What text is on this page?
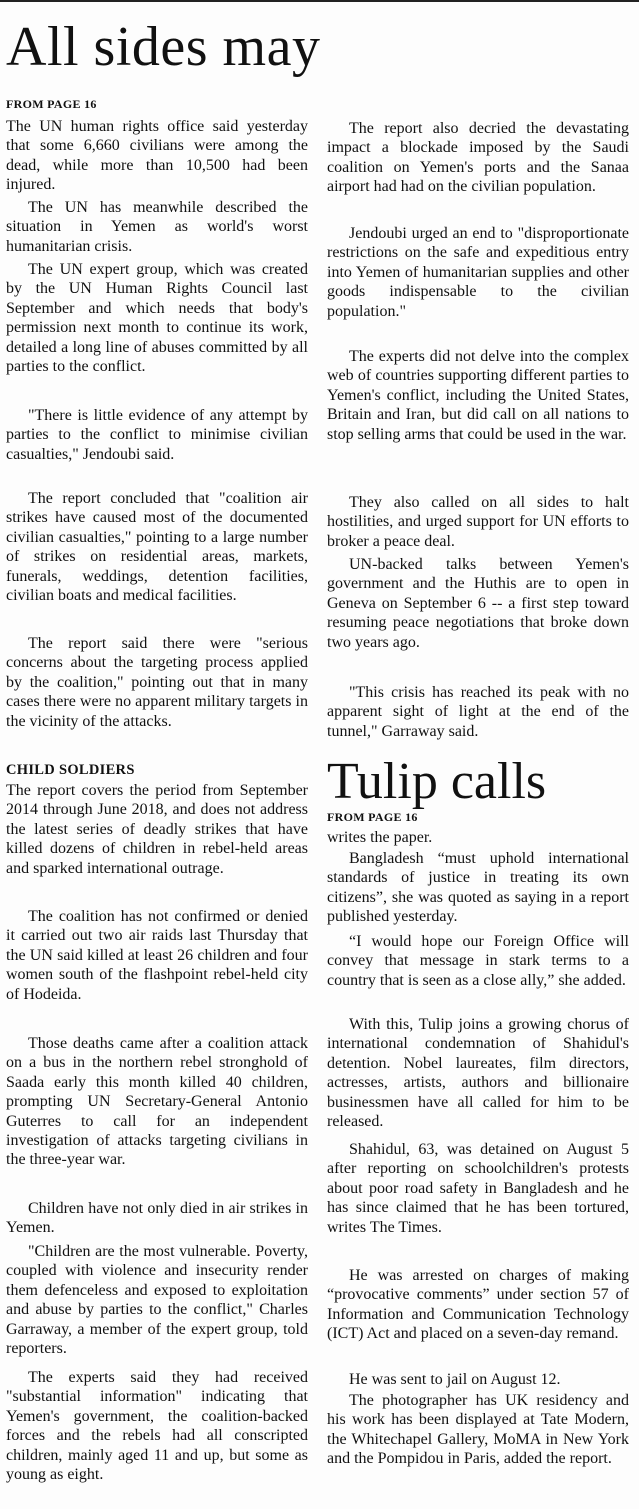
All sides may

FROM PAGE 16

The UN human rights office said yesterday that some 6,660 civilians were among the dead, while more than 10,500 had been injured.

The UN has meanwhile described the situation in Yemen as world's worst humanitarian crisis.

The UN expert group, which was created by the UN Human Rights Council last September and which needs that body's permission next month to continue its work, detailed a long line of abuses committed by all parties to the conflict.

"There is little evidence of any attempt by parties to the conflict to minimise civilian casualties," Jendoubi said.

The report concluded that "coalition air strikes have caused most of the documented civilian casualties," pointing to a large number of strikes on residential areas, markets, funerals, weddings, detention facilities, civilian boats and medical facilities.

The report said there were "serious concerns about the targeting process applied by the coalition," pointing out that in many cases there were no apparent military targets in the vicinity of the attacks.

CHILD SOLDIERS

The report covers the period from September 2014 through June 2018, and does not address the latest series of deadly strikes that have killed dozens of children in rebel-held areas and sparked international outrage.

The coalition has not confirmed or denied it carried out two air raids last Thursday that the UN said killed at least 26 children and four women south of the flashpoint rebel-held city of Hodeida.

Those deaths came after a coalition attack on a bus in the northern rebel stronghold of Saada early this month killed 40 children, prompting UN Secretary-General Antonio Guterres to call for an independent investigation of attacks targeting civilians in the three-year war.

Children have not only died in air strikes in Yemen.

"Children are the most vulnerable. Poverty, coupled with violence and insecurity render them defenceless and exposed to exploitation and abuse by parties to the conflict," Charles Garraway, a member of the expert group, told reporters.

The experts said they had received "substantial information" indicating that Yemen's government, the coalition-backed forces and the rebels had all conscripted children, mainly aged 11 and up, but some as young as eight.

The report also decried the devastating impact a blockade imposed by the Saudi coalition on Yemen's ports and the Sanaa airport had had on the civilian population.

Jendoubi urged an end to "disproportionate restrictions on the safe and expeditious entry into Yemen of humanitarian supplies and other goods indispensable to the civilian population."

The experts did not delve into the complex web of countries supporting different parties to Yemen's conflict, including the United States, Britain and Iran, but did call on all nations to stop selling arms that could be used in the war.

They also called on all sides to halt hostilities, and urged support for UN efforts to broker a peace deal.

UN-backed talks between Yemen's government and the Huthis are to open in Geneva on September 6 -- a first step toward resuming peace negotiations that broke down two years ago.

"This crisis has reached its peak with no apparent sight of light at the end of the tunnel," Garraway said.

Tulip calls

FROM PAGE 16

writes the paper.

Bangladesh “must uphold international standards of justice in treating its own citizens”, she was quoted as saying in a report published yesterday.

“I would hope our Foreign Office will convey that message in stark terms to a country that is seen as a close ally,” she added.

With this, Tulip joins a growing chorus of international condemnation of Shahidul's detention. Nobel laureates, film directors, actresses, artists, authors and billionaire businessmen have all called for him to be released.

Shahidul, 63, was detained on August 5 after reporting on schoolchildren's protests about poor road safety in Bangladesh and he has since claimed that he has been tortured, writes The Times.

He was arrested on charges of making “provocative comments” under section 57 of Information and Communication Technology (ICT) Act and placed on a seven-day remand.

He was sent to jail on August 12.

The photographer has UK residency and his work has been displayed at Tate Modern, the Whitechapel Gallery, MoMA in New York and the Pompidou in Paris, added the report.
